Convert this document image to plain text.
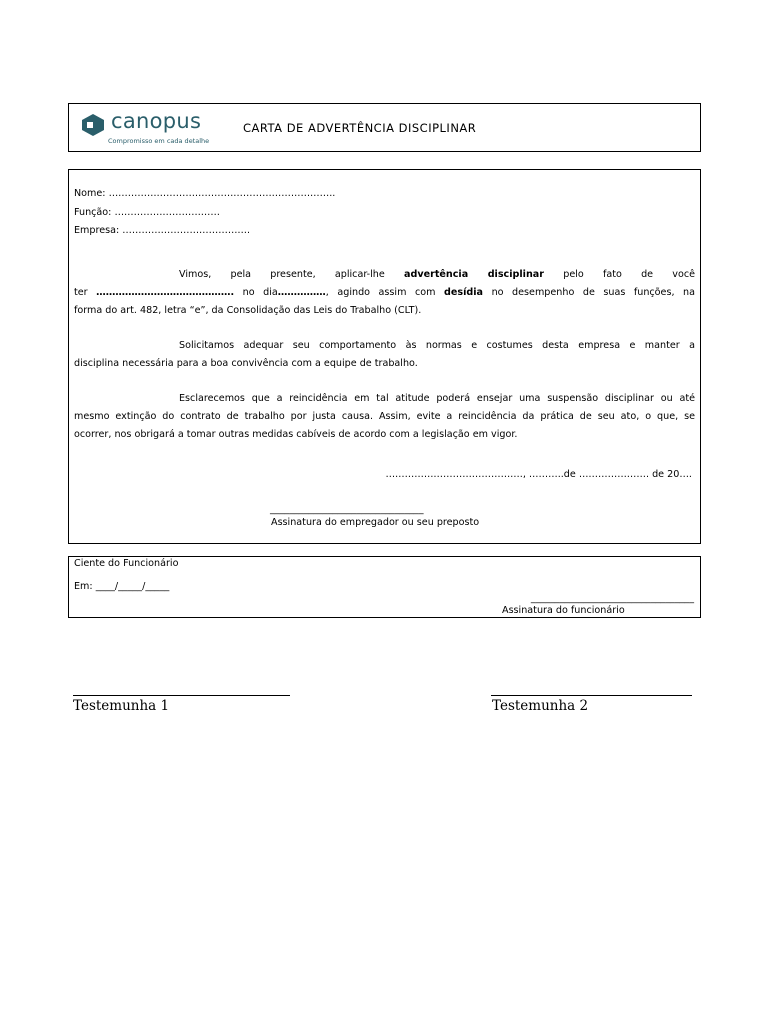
canopus
Compromisso em cada detalhe
CARTA DE ADVERTÊNCIA DISCIPLINAR
Nome: ……………………………………………………………..
Função: ……………………………
Empresa: ………………………………….
Vimos, pela presente, aplicar-lhe advertência disciplinar pelo fato de você
ter ……………………………………. no dia……………, agindo assim com desídia no desempenho de suas funções, na
forma do art. 482, letra “e”, da Consolidação das Leis do Trabalho (CLT).
Solicitamos adequar seu comportamento às normas e costumes desta empresa e manter a
disciplina necessária para a boa convivência com a equipe de trabalho.
Esclarecemos que a reincidência em tal atitude poderá ensejar uma suspensão disciplinar ou até
mesmo extinção do contrato de trabalho por justa causa. Assim, evite a reincidência da prática de seu ato, o que, se
ocorrer, nos obrigará a tomar outras medidas cabíveis de acordo com a legislação em vigor.
……………………………………., ………..de …………………. de 20….
________________________________
Assinatura do empregador ou seu preposto
Ciente do Funcionário
Em: ____/_____/_____
__________________________________
Assinatura do funcionário
Testemunha 1	Testemunha 2
